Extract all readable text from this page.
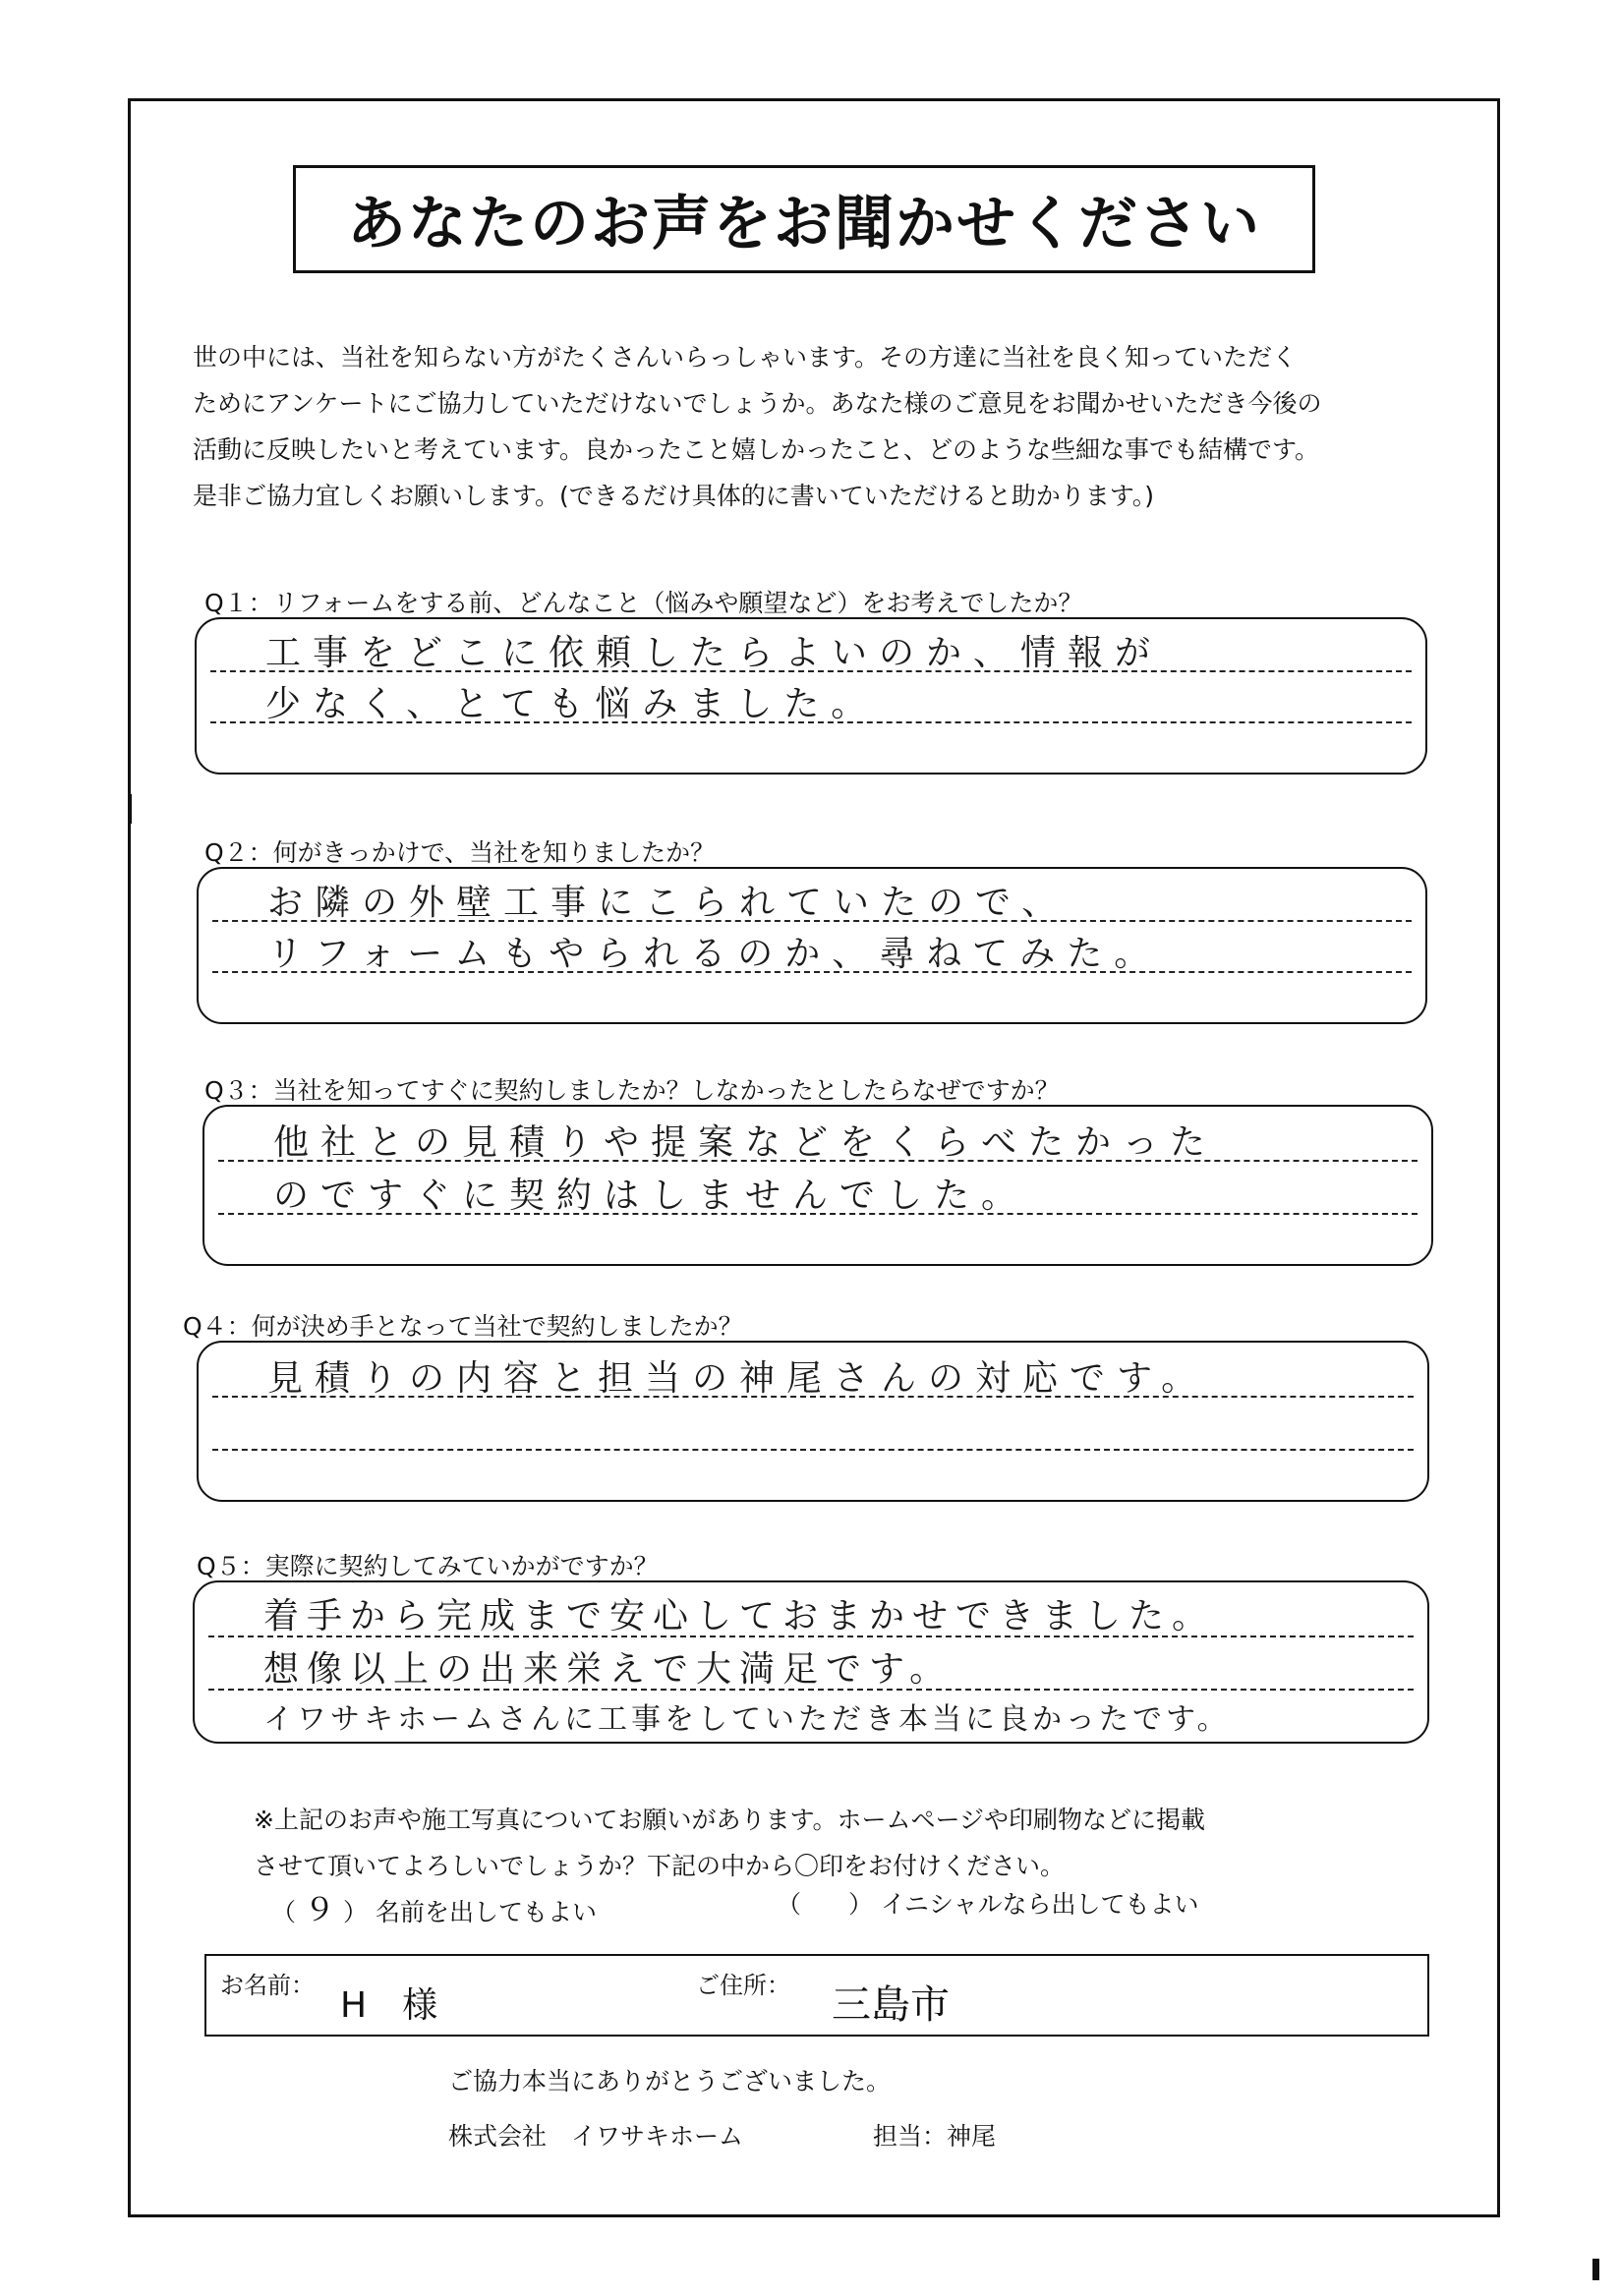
あなたのお声をお聞かせください
世の中には、当社を知らない方がたくさんいらっしゃいます。その方達に当社を良く知っていただく
ためにアンケートにご協力していただけないでしょうか。あなた様のご意見をお聞かせいただき今後の
活動に反映したいと考えています。良かったこと嬉しかったこと、どのような些細な事でも結構です。
是非ご協力宜しくお願いします。(できるだけ具体的に書いていただけると助かります。)
Q１：リフォームをする前、どんなこと（悩みや願望など）をお考えでしたか？
工事をどこに依頼したらよいのか、情報が
少なく、とても悩みました。
Q２：何がきっかけで、当社を知りましたか？
お隣の外壁工事にこられていたので、
リフォームもやられるのか、尋ねてみた。
Q３：当社を知ってすぐに契約しましたか？しなかったとしたらなぜですか？
他社との見積りや提案などをくらべたかった
のですぐに契約はしませんでした。
Q４：何が決め手となって当社で契約しましたか？
見積りの内容と担当の神尾さんの対応です。
Q５：実際に契約してみていかがですか？
着手から完成まで安心しておまかせできました。
想像以上の出来栄えで大満足です。
イワサキホームさんに工事をしていただき本当に良かったです。
※上記のお声や施工写真についてお願いがあります。ホームページや印刷物などに掲載
させて頂いてよろしいでしょうか？下記の中から〇印をお付けください。
（ ９ ） 名前を出してもよい	（ ） イニシャルなら出してもよい
お名前： H　様	ご住所： 三島市
ご協力本当にありがとうございました。
株式会社　イワサキホーム	担当：神尾
